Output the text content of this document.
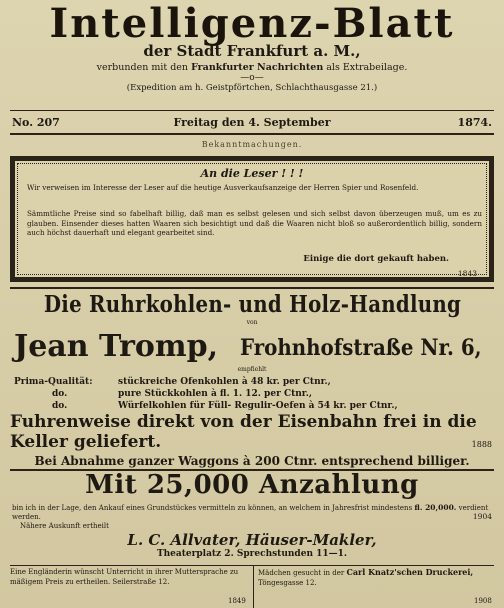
Intelligenz-Blatt
der Stadt Frankfurt a. M.,
verbunden mit den Frankfurter Nachrichten als Extrabeilage.
—o—
(Expedition am h. Geistpförtchen, Schlachthausgasse 21.)
No. 207	Freitag den 4. September	1874.
Bekanntmachungen.
An die Leser ! ! !
Wir verweisen im Interesse der Leser auf die heutige Ausverkaufsanzeige der Herren Spier und Rosenfeld.
Sämmtliche Preise sind so fabelhaft billig, daß man es selbst gelesen und sich selbst davon überzeugen muß, um es zu glauben. Einsender dieses hatten Waaren sich besichtigt und daß die Waaren nicht bloß so außerordentlich billig, sondern auch höchst dauerhaft und elegant gearbeitet sind.
Einige die dort gekauft haben.
1843
Die Ruhrkohlen- und Holz-Handlung
von
Jean Tromp, Frohnhofstraße Nr. 6,
empfiehlt
Prima-Qualität:	stückreiche Ofenkohlen à 48 kr. per Ctnr.,
do.	pure Stückkohlen à fl. 1. 12. per Ctnr.,
do.	Würfelkohlen für Füll- Regulir-Oefen à 54 kr. per Ctnr.,
Fuhrenweise direkt von der Eisenbahn frei in die Keller geliefert.	1888
Bei Abnahme ganzer Waggons à 200 Ctnr. entsprechend billiger.
Mit 25,000 Anzahlung
bin ich in der Lage, den Ankauf eines Grundstückes vermitteln zu können, an welchem in Jahresfrist mindestens fl. 20,000. verdient werden.	1904
Nähere Auskunft ertheilt
L. C. Allvater, Häuser-Makler,
Theaterplatz 2. Sprechstunden 11—1.
Eine Engländerin wünscht Unterricht in ihrer Muttersprache zu mäßigem Preis zu ertheilen. Seilerstraße 12.
1849
Mädchen gesucht in der Carl Knatz'schen Druckerei, Töngesgasse 12.
1908
